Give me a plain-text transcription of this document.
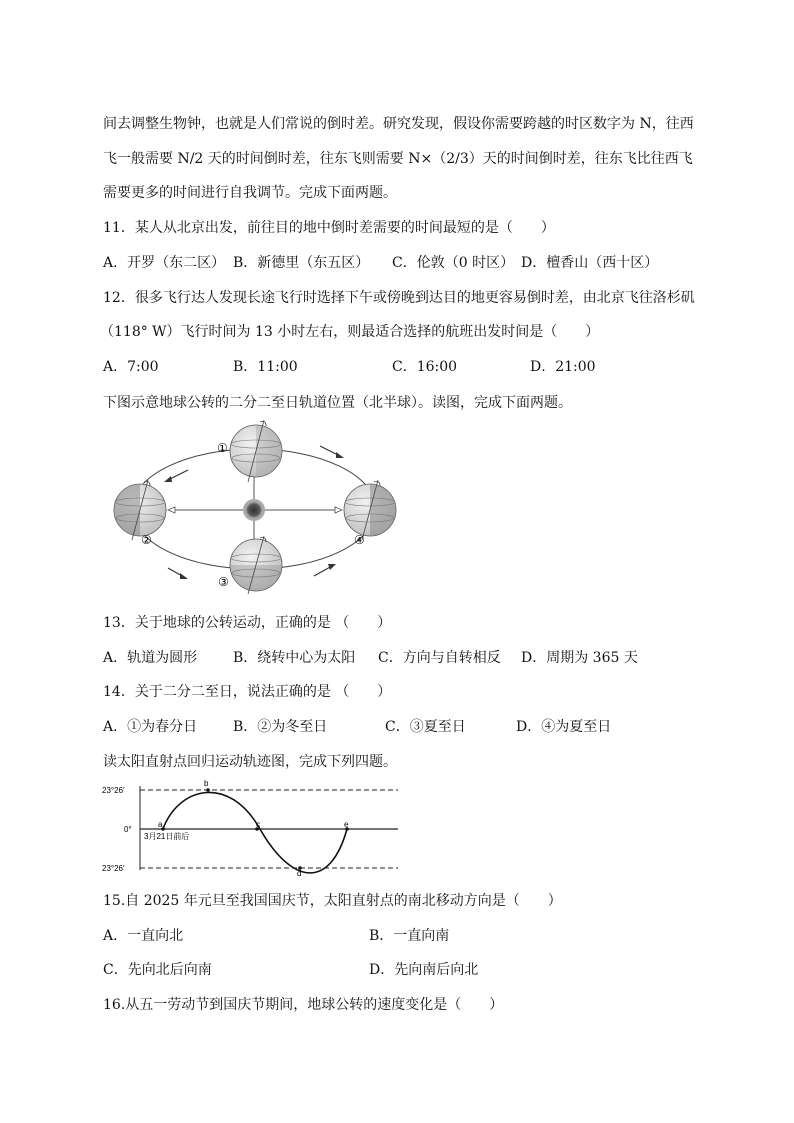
间去调整生物钟，也就是人们常说的倒时差。研究发现，假设你需要跨越的时区数字为 N，往西
飞一般需要 N/2 天的时间倒时差，往东飞则需要 N×（2/3）天的时间倒时差，往东飞比往西飞
需要更多的时间进行自我调节。完成下面两题。
11．某人从北京出发，前往目的地中倒时差需要的时间最短的是（　　）
A．开罗（东二区） B．新德里（东五区） C．伦敦（0 时区） D．檀香山（西十区）
12．很多飞行达人发现长途飞行时选择下午或傍晚到达目的地更容易倒时差，由北京飞往洛杉矶
（118° W）飞行时间为 13 小时左右，则最适合选择的航班出发时间是（　　）
A．7:00	B．11:00	C．16:00	D．21:00
下图示意地球公转的二分二至日轨道位置（北半球）。读图，完成下面两题。
①
②
③
④
13．关于地球的公转运动，正确的是 （　　）
A．轨道为圆形	B．绕转中心为太阳 C．方向与自转相反 D．周期为 365 天
14．关于二分二至日，说法正确的是 （　　）
A．①为春分日	B．②为冬至日	C．③夏至日	D．④为夏至日
读太阳直射点回归运动轨迹图，完成下列四题。
23°26′
0°
23°26′
a
b
c
d
e
3月21日前后
15.自 2025 年元旦至我国国庆节，太阳直射点的南北移动方向是（　　）
A．一直向北	B．一直向南
C．先向北后向南	D．先向南后向北
16.从五一劳动节到国庆节期间，地球公转的速度变化是（　　）
